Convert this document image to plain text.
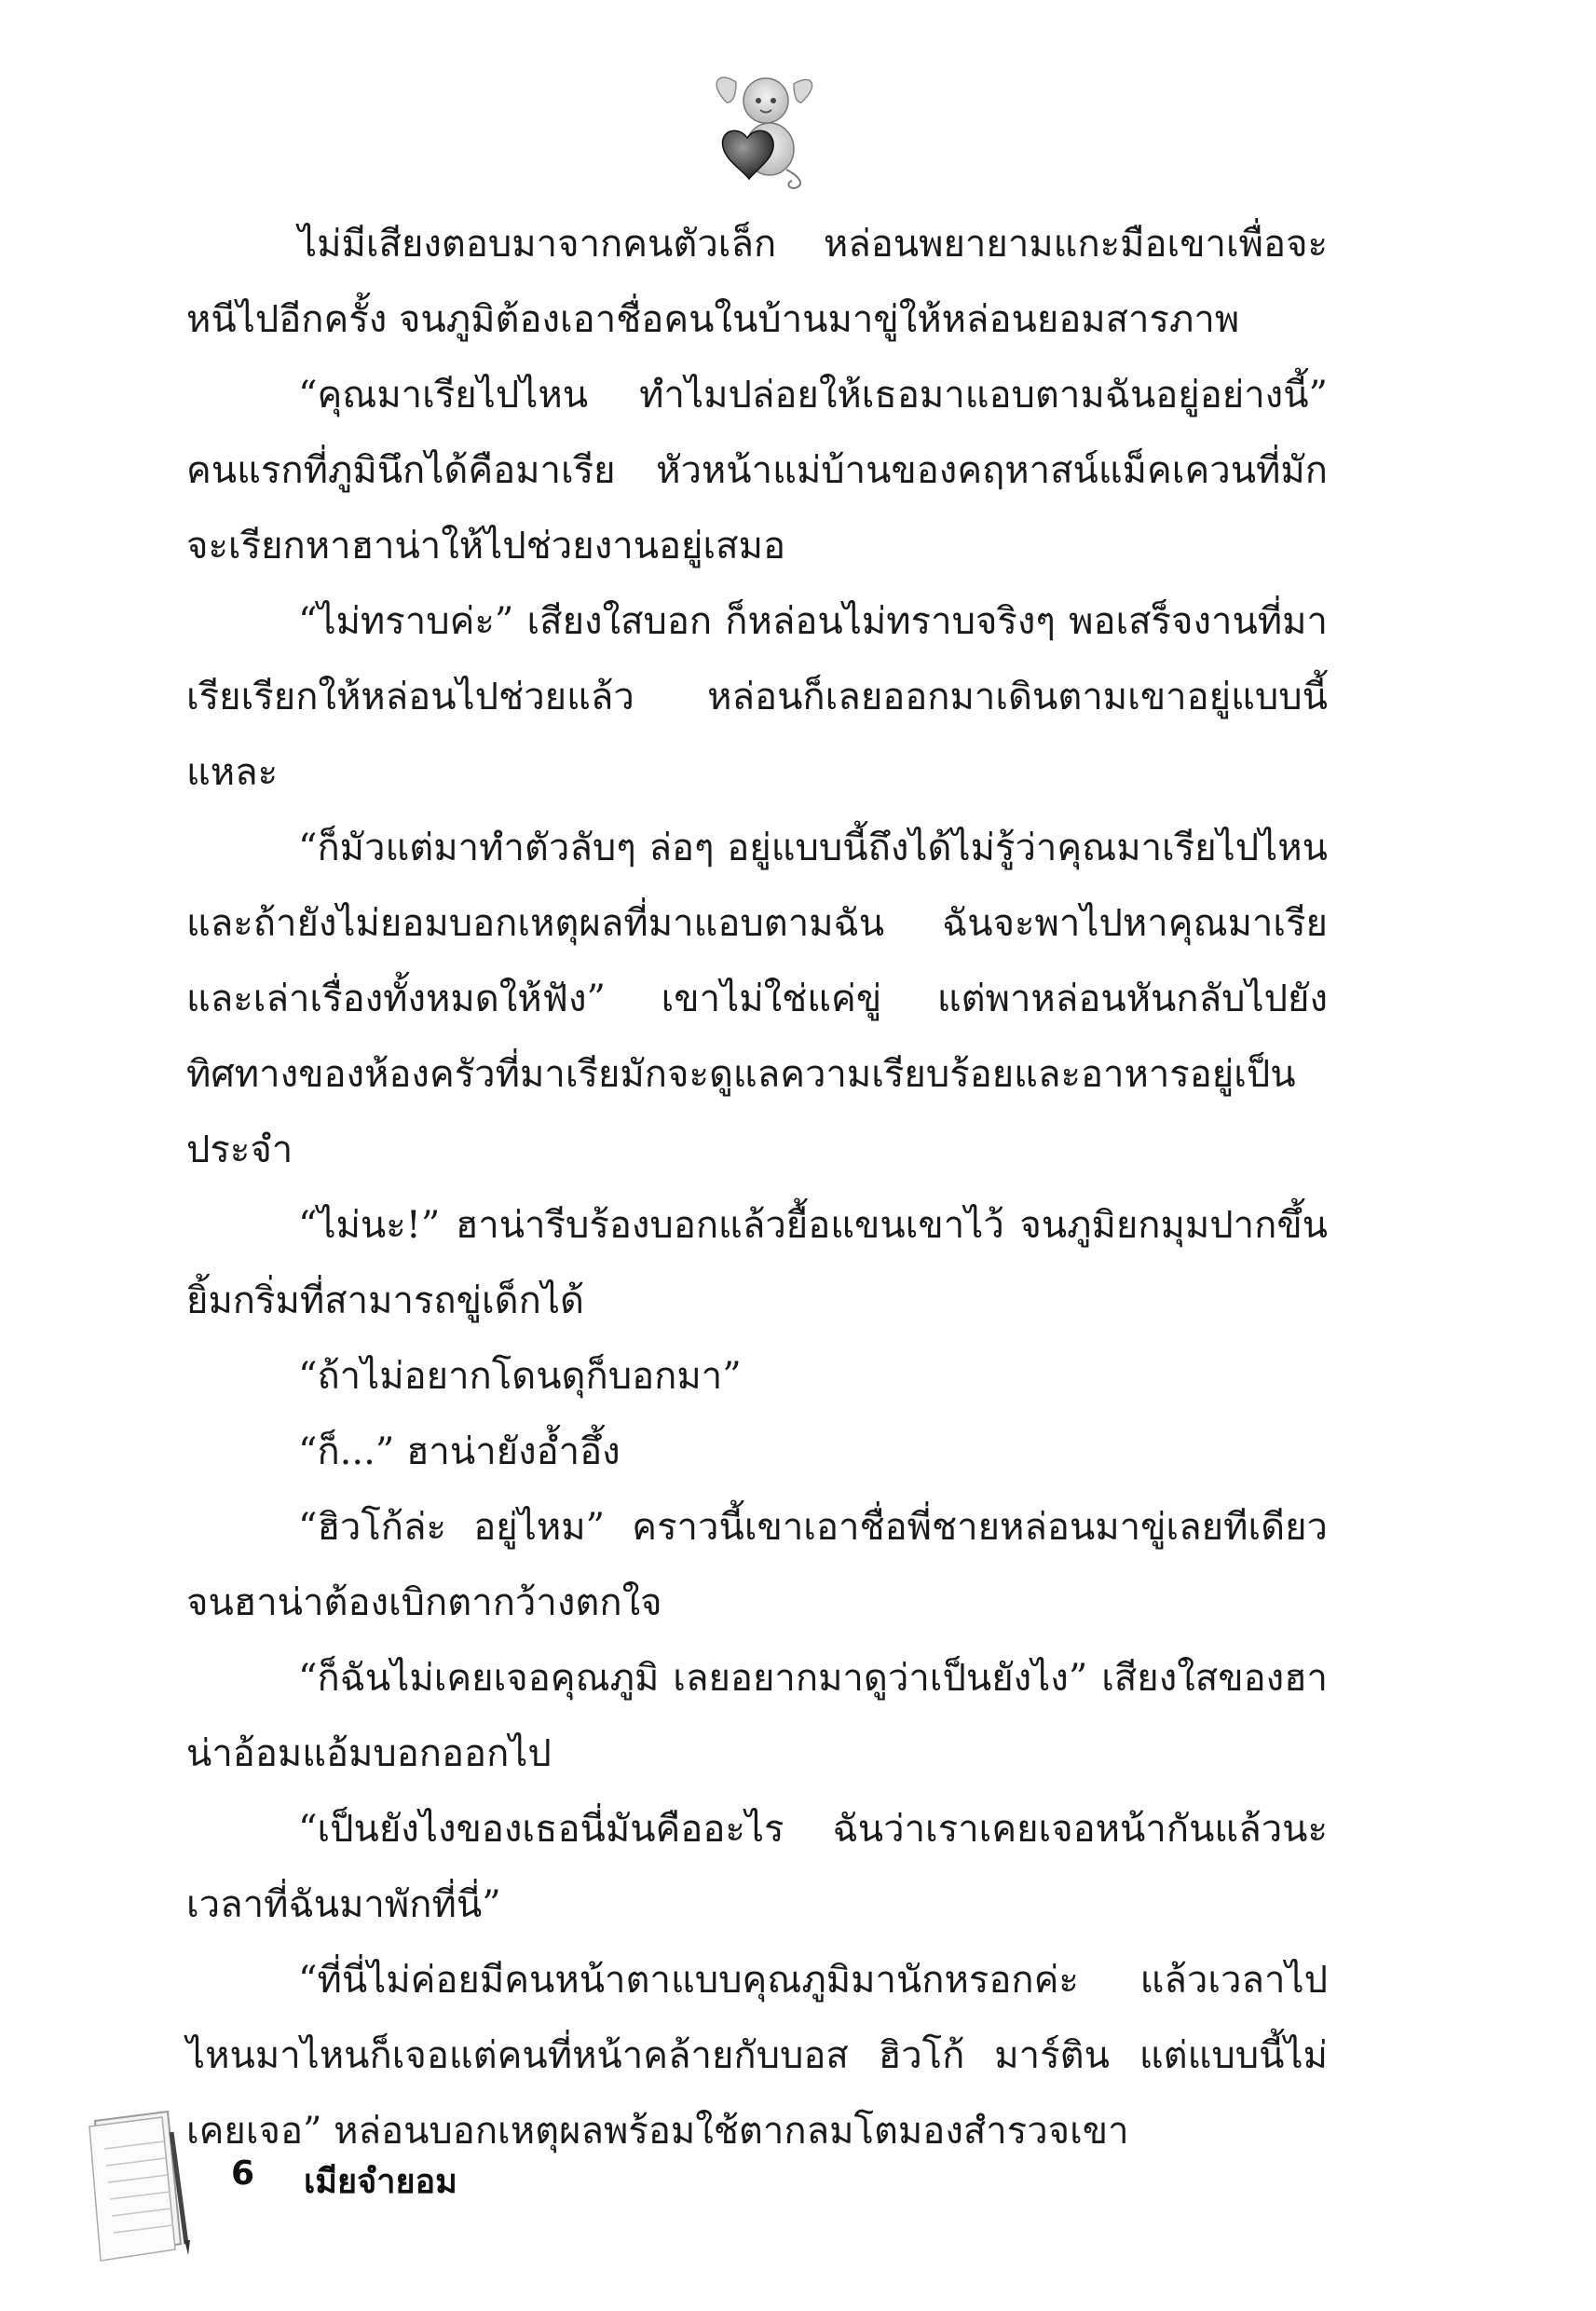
ไม่มีเสียงตอบมาจากคนตัวเล็ก หล่อนพยายามแกะมือเขาเพื่อจะหนีไปอีกครั้ง จนภูมิต้องเอาชื่อคนในบ้านมาขู่ให้หล่อนยอมสารภาพ

“คุณมาเรียไปไหน ทำไมปล่อยให้เธอมาแอบตามฉันอยู่อย่างนี้” คนแรกที่ภูมินึกได้คือมาเรีย หัวหน้าแม่บ้านของคฤหาสน์แม็คเควนที่มักจะเรียกหาฮาน่าให้ไปช่วยงานอยู่เสมอ

“ไม่ทราบค่ะ” เสียงใสบอก ก็หล่อนไม่ทราบจริงๆ พอเสร็จงานที่มาเรียเรียกให้หล่อนไปช่วยแล้ว หล่อนก็เลยออกมาเดินตามเขาอยู่แบบนี้แหละ

“ก็มัวแต่มาทำตัวลับๆ ล่อๆ อยู่แบบนี้ถึงได้ไม่รู้ว่าคุณมาเรียไปไหน และถ้ายังไม่ยอมบอกเหตุผลที่มาแอบตามฉัน ฉันจะพาไปหาคุณมาเรียและเล่าเรื่องทั้งหมดให้ฟัง” เขาไม่ใช่แค่ขู่ แต่พาหล่อนหันกลับไปยังทิศทางของห้องครัวที่มาเรียมักจะดูแลความเรียบร้อยและอาหารอยู่เป็นประจำ

“ไม่นะ!” ฮาน่ารีบร้องบอกแล้วยื้อแขนเขาไว้ จนภูมิยกมุมปากขึ้นยิ้มกริ่มที่สามารถขู่เด็กได้

“ถ้าไม่อยากโดนดุก็บอกมา”

“ก็...” ฮาน่ายังอ้ำอึ้ง

“ฮิวโก้ล่ะ อยู่ไหม” คราวนี้เขาเอาชื่อพี่ชายหล่อนมาขู่เลยทีเดียว จนฮาน่าต้องเบิกตากว้างตกใจ

“ก็ฉันไม่เคยเจอคุณภูมิ เลยอยากมาดูว่าเป็นยังไง” เสียงใสของฮาน่าอ้อมแอ้มบอกออกไป

“เป็นยังไงของเธอนี่มันคืออะไร ฉันว่าเราเคยเจอหน้ากันแล้วนะ เวลาที่ฉันมาพักที่นี่”

“ที่นี่ไม่ค่อยมีคนหน้าตาแบบคุณภูมิมานักหรอกค่ะ แล้วเวลาไปไหนมาไหนก็เจอแต่คนที่หน้าคล้ายกับบอส ฮิวโก้ มาร์ติน แต่แบบนี้ไม่เคยเจอ” หล่อนบอกเหตุผลพร้อมใช้ตากลมโตมองสำรวจเขา

6 เมียจำยอม
